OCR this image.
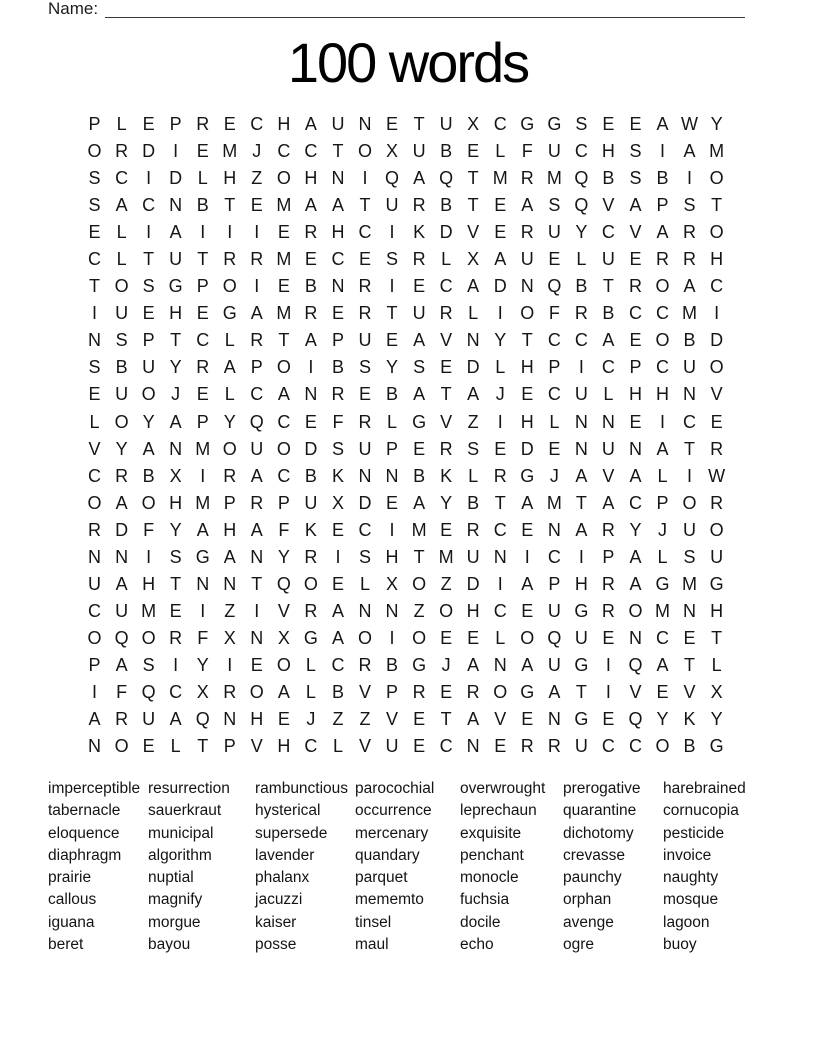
Name:
100 words
P L E P R E C H A U N E T U X C G G S E E A W Y
O R D	I	E M J C C T O X U B E L F U C H S	I	A M
S C	I	D L H Z O H N	I Q A Q T M R M Q B S B	I O
S A C N B T E M A A T U R B T E A S Q V A P S T
E L	I	A	I	I	I	E R H C	I	K D V E R U Y C V A R O
C L T U T R R M E C E S R L X A U E L U E R R H
T O S G P O I	E B N R	I	E C A D N Q B T R O A C
I	U E H E G A M R E R T U R L	I O F R B C C M I
N S P T C L R T A P U E A V N Y T C C A E O B D
S B U Y R A P O I	B S Y S E D L H P	I	C P C U O
E U O J E L C A N R E B A T A J E C U L H H N V
L O Y A P Y Q C E F R L G V Z	I	H L N N E	I	C E
V Y A N M O U O D S U P E R S E D E N U N A T R
C R B X	I	R A C B K N N B K L R G J A V A L	I W
O A O H M P R P U X D E A Y B T A M T A C P O R
R D F Y A H A F K E C	I M E R C E N A R Y J U O
N N	I	S G A N Y R	I	S H T M U N	I	C	I	P A L S U
U A H T N N T Q O E L X O Z D	I	A P H R A G M G
C U M E	I	Z	I	V R A N N Z O H C E U G R O M N H
O Q O R F X N X G A O I O E E L O Q U E N C E T
P A S	I	Y	I	E O L C R B G J A N A U G I Q A T L
I	F Q C X R O A L B V P R E R O G A T	I	V E V X
A R U A Q N H E J Z Z V E T A V E N G E Q Y K Y
N O E L T P V H C L V U E C N E R R U C C O B G
imperceptible
tabernacle
eloquence
diaphragm
prairie
callous
iguana
beret
resurrection
sauerkraut
municipal
algorithm
nuptial
magnify
morgue
bayou
rambunctious
hysterical
supersede
lavender
phalanx
jacuzzi
kaiser
posse
parocochial
occurrence
mercenary
quandary
parquet
mememto
tinsel
maul
overwrought
leprechaun
exquisite
penchant
monocle
fuchsia
docile
echo
prerogative
quarantine
dichotomy
crevasse
paunchy
orphan
avenge
ogre
harebrained
cornucopia
pesticide
invoice
naughty
mosque
lagoon
buoy
